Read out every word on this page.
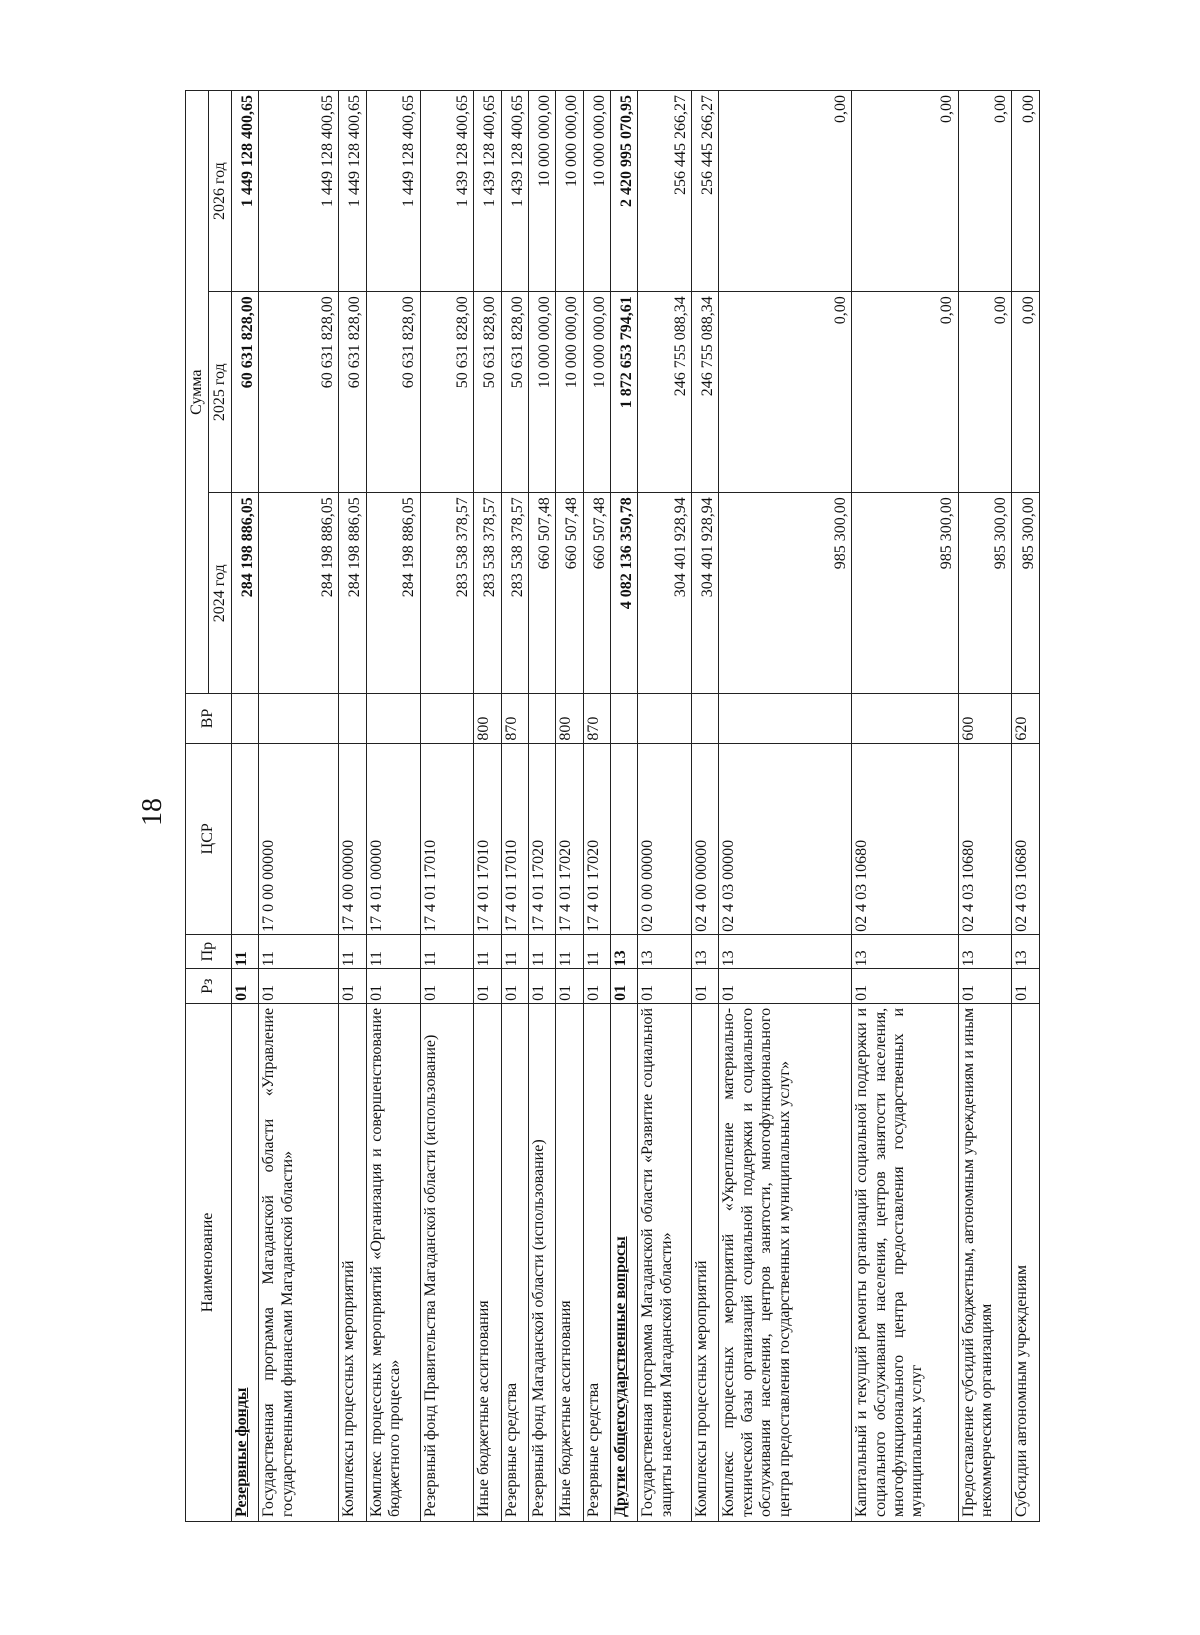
18
Наименование	Рз	Пр	ЦСР	ВР	Сумма		
					2024 год	2025 год	2026 год
Резервные фонды	01	11			284 198 886,05	60 631 828,00	1 449 128 400,65
Государственная программа Магаданской области «Управление государственными финансами Магаданской области»	01	11	17 0 00 00000		284 198 886,05	60 631 828,00	1 449 128 400,65
Комплексы процессных мероприятий	01	11	17 4 00 00000		284 198 886,05	60 631 828,00	1 449 128 400,65
Комплекс процессных мероприятий «Организация и совершенствование бюджетного процесса»	01	11	17 4 01 00000		284 198 886,05	60 631 828,00	1 449 128 400,65
Резервный фонд Правительства Магаданской области (использование)	01	11	17 4 01 17010		283 538 378,57	50 631 828,00	1 439 128 400,65
Иные бюджетные ассигнования	01	11	17 4 01 17010	800	283 538 378,57	50 631 828,00	1 439 128 400,65
Резервные средства	01	11	17 4 01 17010	870	283 538 378,57	50 631 828,00	1 439 128 400,65
Резервный фонд Магаданской области (использование)	01	11	17 4 01 17020		660 507,48	10 000 000,00	10 000 000,00
Иные бюджетные ассигнования	01	11	17 4 01 17020	800	660 507,48	10 000 000,00	10 000 000,00
Резервные средства	01	11	17 4 01 17020	870	660 507,48	10 000 000,00	10 000 000,00
Другие общегосударственные вопросы	01	13			4 082 136 350,78	1 872 653 794,61	2 420 995 070,95
Государственная программа Магаданской области «Развитие социальной защиты населения Магаданской области»	01	13	02 0 00 00000		304 401 928,94	246 755 088,34	256 445 266,27
Комплексы процессных мероприятий	01	13	02 4 00 00000		304 401 928,94	246 755 088,34	256 445 266,27
Комплекс процессных мероприятий «Укрепление материально-технической базы организаций социальной поддержки и социального обслуживания населения, центров занятости, многофункционального центра предоставления государственных и муниципальных услуг»	01	13	02 4 03 00000		985 300,00	0,00	0,00
Капитальный и текущий ремонты организаций социальной поддержки и социального обслуживания населения, центров занятости населения, многофункционального центра предоставления государственных и муниципальных услуг	01	13	02 4 03 10680		985 300,00	0,00	0,00
Предоставление субсидий бюджетным, автономным учреждениям и иным некоммерческим организациям	01	13	02 4 03 10680	600	985 300,00	0,00	0,00
Субсидии автономным учреждениям	01	13	02 4 03 10680	620	985 300,00	0,00	0,00
